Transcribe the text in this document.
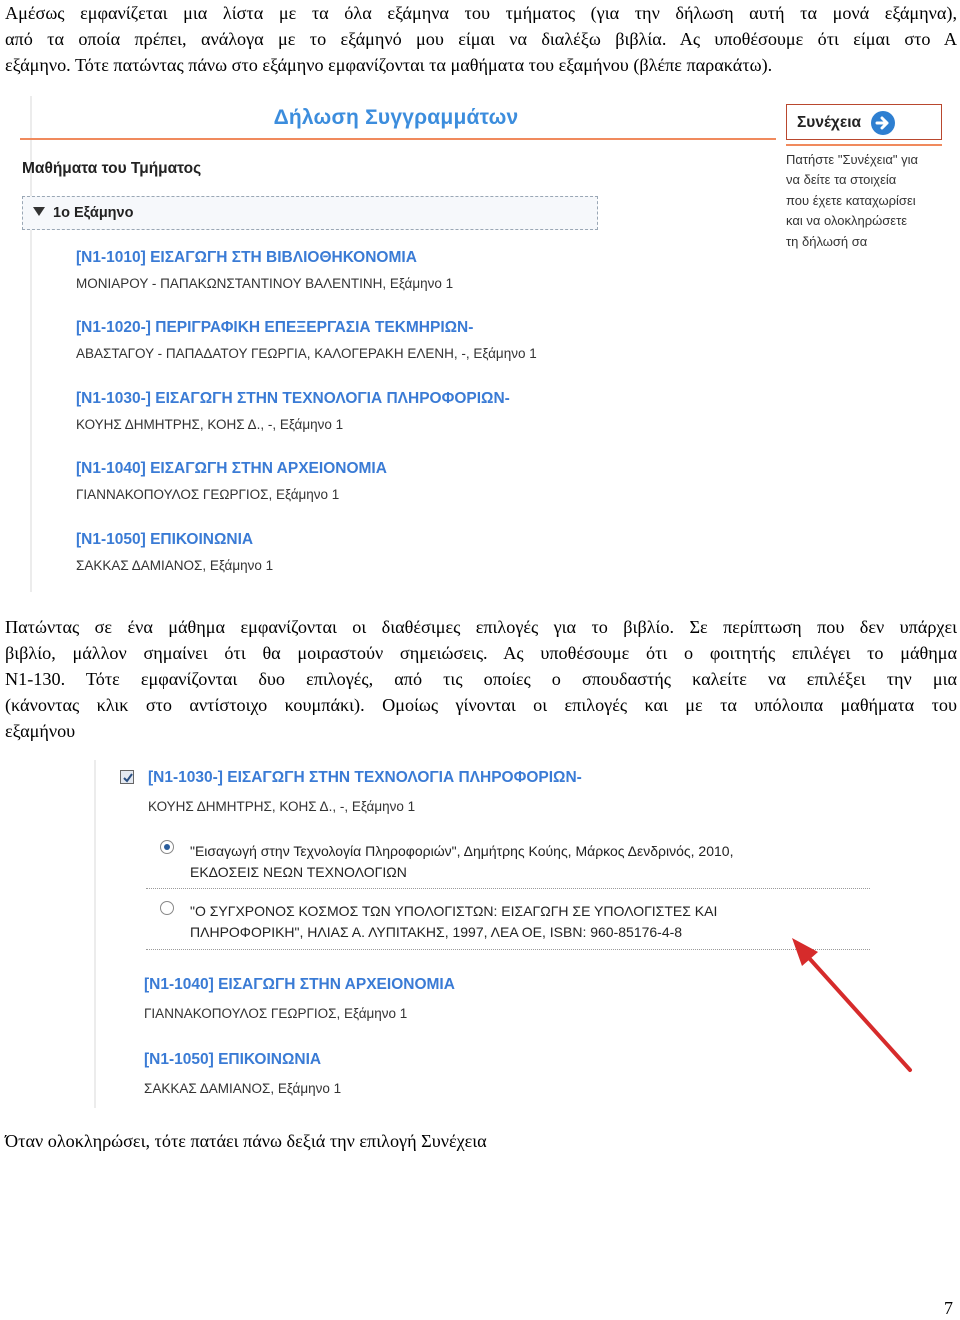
Αμέσως εμφανίζεται μια λίστα με τα όλα εξάμηνα του τμήματος (για την δήλωση αυτή τα μονά εξάμηνα),
από τα οποία πρέπει, ανάλογα με το εξάμηνό μου είμαι να διαλέξω βιβλία. Ας υποθέσουμε ότι είμαι στο Α
εξάμηνο. Τότε πατώντας πάνω στο εξάμηνο εμφανίζονται τα μαθήματα του εξαμήνου (βλέπε παρακάτω).
Δήλωση Συγγραμμάτων
Μαθήματα του Τμήματος
1ο Εξάμηνο
[N1-1010] ΕΙΣΑΓΩΓΗ ΣΤΗ ΒΙΒΛΙΟΘΗΚΟΝΟΜΙΑ
ΜΟΝΙΑΡΟΥ - ΠΑΠΑΚΩΝΣΤΑΝΤΙΝΟΥ ΒΑΛΕΝΤΙΝΗ, Εξάμηνο 1
[N1-1020-] ΠΕΡΙΓΡΑΦΙΚΗ ΕΠΕΞΕΡΓΑΣΙΑ ΤΕΚΜΗΡΙΩΝ-
ΑΒΑΣΤΑΓΟΥ - ΠΑΠΑΔΑΤΟΥ ΓΕΩΡΓΙΑ, ΚΑΛΟΓΕΡΑΚΗ ΕΛΕΝΗ, -, Εξάμηνο 1
[N1-1030-] ΕΙΣΑΓΩΓΗ ΣΤΗΝ ΤΕΧΝΟΛΟΓΙΑ ΠΛΗΡΟΦΟΡΙΩΝ-
ΚΟΥΗΣ ΔΗΜΗΤΡΗΣ, ΚΟΗΣ Δ., -, Εξάμηνο 1
[N1-1040] ΕΙΣΑΓΩΓΗ ΣΤΗΝ ΑΡΧΕΙΟΝΟΜΙΑ
ΓΙΑΝΝΑΚΟΠΟΥΛΟΣ ΓΕΩΡΓΙΟΣ, Εξάμηνο 1
[N1-1050] ΕΠΙΚΟΙΝΩΝΙΑ
ΣΑΚΚΑΣ ΔΑΜΙΑΝΟΣ, Εξάμηνο 1
Συνέχεια
Πατήστε "Συνέχεια" για
να δείτε τα στοιχεία
που έχετε καταχωρίσει
και να ολοκληρώσετε
τη δήλωσή σα
Πατώντας σε ένα μάθημα εμφανίζονται οι διαθέσιμες επιλογές για το βιβλίο. Σε περίπτωση που δεν υπάρχει
βιβλίο, μάλλον σημαίνει ότι θα μοιραστούν σημειώσεις. Ας υποθέσουμε ότι ο φοιτητής επιλέγει το μάθημα
Ν1-130. Τότε εμφανίζονται δυο επιλογές, από τις οποίες ο σπουδαστής καλείτε να επιλέξει την μια
(κάνοντας κλικ στο αντίστοιχο κουμπάκι). Ομοίως γίνονται οι επιλογές και με τα υπόλοιπα μαθήματα του
εξαμήνου
[N1-1030-] ΕΙΣΑΓΩΓΗ ΣΤΗΝ ΤΕΧΝΟΛΟΓΙΑ ΠΛΗΡΟΦΟΡΙΩΝ-
ΚΟΥΗΣ ΔΗΜΗΤΡΗΣ, ΚΟΗΣ Δ., -, Εξάμηνο 1
"Εισαγωγή στην Τεχνολογία Πληροφοριών", Δημήτρης Κούης, Μάρκος Δενδρινός, 2010,
ΕΚΔΟΣΕΙΣ ΝΕΩΝ ΤΕΧΝΟΛΟΓΙΩΝ
"Ο ΣΥΓΧΡΟΝΟΣ ΚΟΣΜΟΣ ΤΩΝ ΥΠΟΛΟΓΙΣΤΩΝ: ΕΙΣΑΓΩΓΗ ΣΕ ΥΠΟΛΟΓΙΣΤΕΣ ΚΑΙ
ΠΛΗΡΟΦΟΡΙΚΗ", ΗΛΙΑΣ Α. ΛΥΠΙΤΑΚΗΣ, 1997, ΛΕΑ ΟΕ, ISBN: 960-85176-4-8
[N1-1040] ΕΙΣΑΓΩΓΗ ΣΤΗΝ ΑΡΧΕΙΟΝΟΜΙΑ
ΓΙΑΝΝΑΚΟΠΟΥΛΟΣ ΓΕΩΡΓΙΟΣ, Εξάμηνο 1
[N1-1050] ΕΠΙΚΟΙΝΩΝΙΑ
ΣΑΚΚΑΣ ΔΑΜΙΑΝΟΣ, Εξάμηνο 1
Όταν ολοκληρώσει, τότε πατάει πάνω δεξιά την επιλογή Συνέχεια
7
